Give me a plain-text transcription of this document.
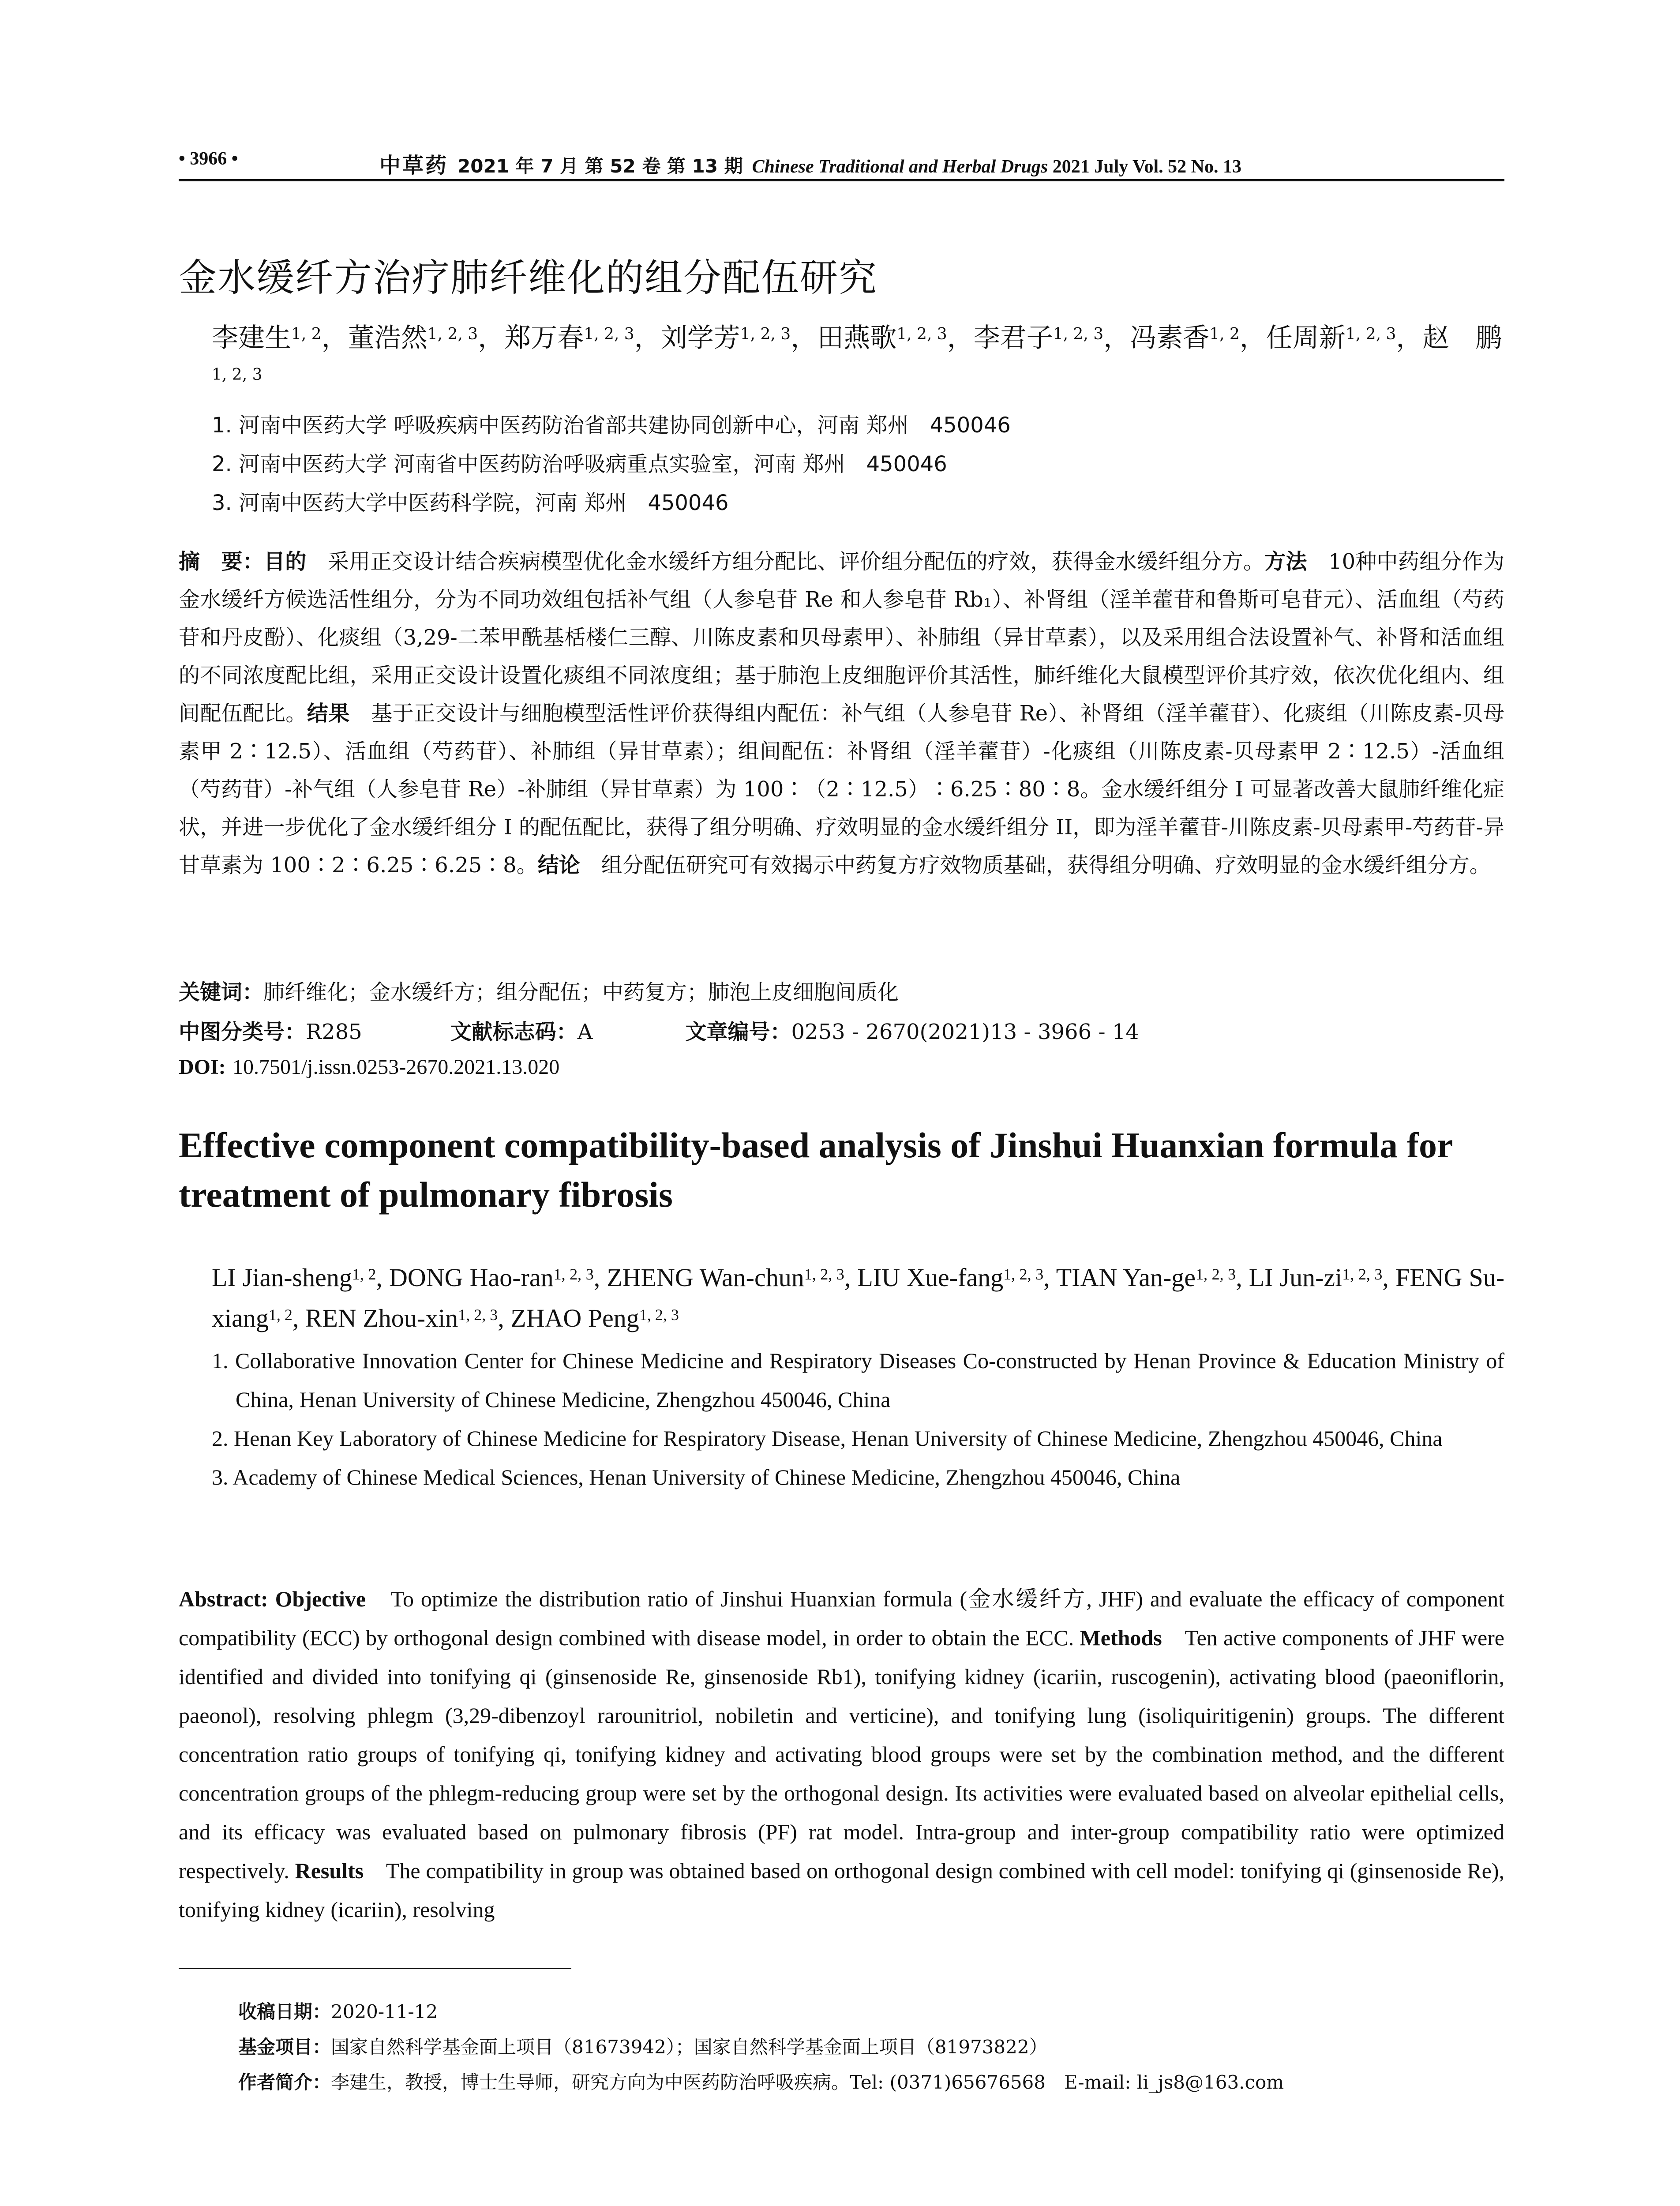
• 3966 •	中草药 2021 年 7 月 第 52 卷 第 13 期 Chinese Traditional and Herbal Drugs 2021 July Vol. 52 No. 13
金水缓纤方治疗肺纤维化的组分配伍研究
李建生$^{1, 2}$，董浩然$^{1, 2, 3}$，郑万春$^{1, 2, 3}$，刘学芳$^{1, 2, 3}$，田燕歌$^{1, 2, 3}$，李君子$^{1, 2, 3}$，冯素香$^{1, 2}$，任周新$^{1, 2, 3}$，赵　鹏$^{1, 2, 3}$
1. 河南中医药大学 呼吸疾病中医药防治省部共建协同创新中心，河南 郑州　450046
2. 河南中医药大学 河南省中医药防治呼吸病重点实验室，河南 郑州　450046
3. 河南中医药大学中医药科学院，河南 郑州　450046
摘　要：目的　采用正交设计结合疾病模型优化金水缓纤方组分配比、评价组分配伍的疗效，获得金水缓纤组分方。方法　10种中药组分作为金水缓纤方候选活性组分，分为不同功效组包括补气组（人参皂苷 Re 和人参皂苷 Rb₁）、补肾组（淫羊藿苷和鲁斯可皂苷元）、活血组（芍药苷和丹皮酚）、化痰组（3,29-二苯甲酰基栝楼仁三醇、川陈皮素和贝母素甲）、补肺组（异甘草素），以及采用组合法设置补气、补肾和活血组的不同浓度配比组，采用正交设计设置化痰组不同浓度组；基于肺泡上皮细胞评价其活性，肺纤维化大鼠模型评价其疗效，依次优化组内、组间配伍配比。结果　基于正交设计与细胞模型活性评价获得组内配伍：补气组（人参皂苷 Re）、补肾组（淫羊藿苷）、化痰组（川陈皮素-贝母素甲 2∶12.5）、活血组（芍药苷）、补肺组（异甘草素）；组间配伍：补肾组（淫羊藿苷）-化痰组（川陈皮素-贝母素甲 2∶12.5）-活血组（芍药苷）-补气组（人参皂苷 Re）-补肺组（异甘草素）为 100∶（2∶12.5）∶6.25∶80∶8。金水缓纤组分 I 可显著改善大鼠肺纤维化症状，并进一步优化了金水缓纤组分 I 的配伍配比，获得了组分明确、疗效明显的金水缓纤组分 II，即为淫羊藿苷-川陈皮素-贝母素甲-芍药苷-异甘草素为 100∶2∶6.25∶6.25∶8。结论　组分配伍研究可有效揭示中药复方疗效物质基础，获得组分明确、疗效明显的金水缓纤组分方。
关键词：肺纤维化；金水缓纤方；组分配伍；中药复方；肺泡上皮细胞间质化
中图分类号：R285	文献标志码：A	文章编号：0253 - 2670(2021)13 - 3966 - 14
DOI: 10.7501/j.issn.0253-2670.2021.13.020
Effective component compatibility-based analysis of Jinshui Huanxian formula for treatment of pulmonary fibrosis
LI Jian-sheng$^{1, 2}$, DONG Hao-ran$^{1, 2, 3}$, ZHENG Wan-chun$^{1, 2, 3}$, LIU Xue-fang$^{1, 2, 3}$, TIAN Yan-ge$^{1, 2, 3}$, LI Jun-zi$^{1, 2, 3}$, FENG Su-xiang$^{1, 2}$, REN Zhou-xin$^{1, 2, 3}$, ZHAO Peng$^{1, 2, 3}$
1. Collaborative Innovation Center for Chinese Medicine and Respiratory Diseases Co-constructed by Henan Province & Education Ministry of China, Henan University of Chinese Medicine, Zhengzhou 450046, China
2. Henan Key Laboratory of Chinese Medicine for Respiratory Disease, Henan University of Chinese Medicine, Zhengzhou 450046, China
3. Academy of Chinese Medical Sciences, Henan University of Chinese Medicine, Zhengzhou 450046, China
Abstract: Objective　To optimize the distribution ratio of Jinshui Huanxian formula (金水缓纤方, JHF) and evaluate the efficacy of component compatibility (ECC) by orthogonal design combined with disease model, in order to obtain the ECC. Methods　Ten active components of JHF were identified and divided into tonifying qi (ginsenoside Re, ginsenoside Rb1), tonifying kidney (icariin, ruscogenin), activating blood (paeoniflorin, paeonol), resolving phlegm (3,29-dibenzoyl rarounitriol, nobiletin and verticine), and tonifying lung (isoliquiritigenin) groups. The different concentration ratio groups of tonifying qi, tonifying kidney and activating blood groups were set by the combination method, and the different concentration groups of the phlegm-reducing group were set by the orthogonal design. Its activities were evaluated based on alveolar epithelial cells, and its efficacy was evaluated based on pulmonary fibrosis (PF) rat model. Intra-group and inter-group compatibility ratio were optimized respectively. Results　The compatibility in group was obtained based on orthogonal design combined with cell model: tonifying qi (ginsenoside Re), tonifying kidney (icariin), resolving
收稿日期：2020-11-12
基金项目：国家自然科学基金面上项目（81673942）；国家自然科学基金面上项目（81973822）
作者简介：李建生，教授，博士生导师，研究方向为中医药防治呼吸疾病。Tel: (0371)65676568　E-mail: li_js8@163.com
